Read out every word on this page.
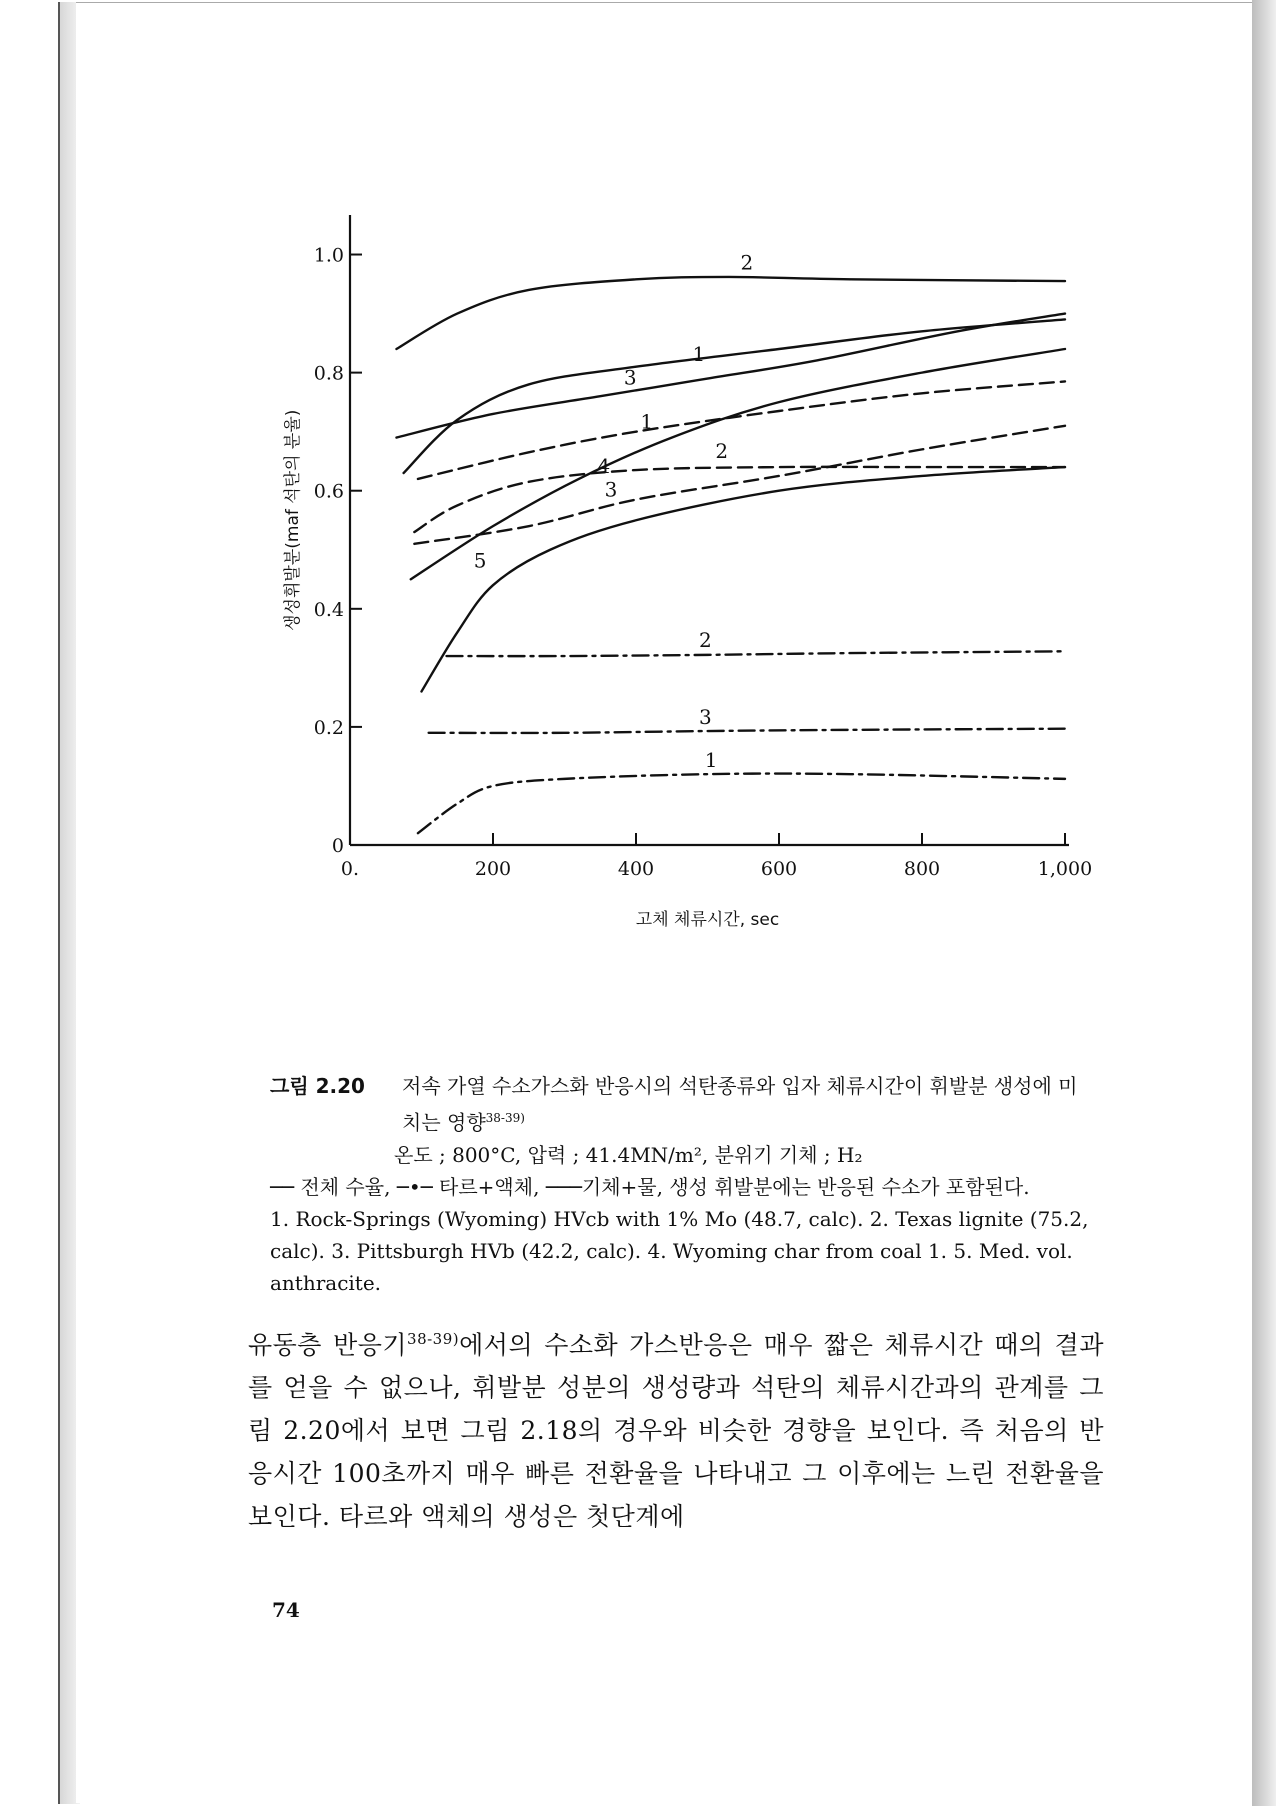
0.	200	400	600	800	1,000
0
0.2
0.4
0.6
0.8
1.0
생성휘발분(maf 석탄의 분율)
고체 체류시간, sec
2
1
3
1
4
2
3
5
2
3
1
그림 2.20 저속 가열 수소가스화 반응시의 석탄종류와 입자 체류시간이 휘발분 생성에 미치는 영향$^{38-39)}$
온도 ; 800°C, 압력 ; 41.4MN/m², 분위기 기체 ; H₂

── 전체 수율, ─•─ 타르+액체, ───기체+물, 생성 휘발분에는 반응된 수소가 포함된다.

1. Rock-Springs (Wyoming) HVcb with 1% Mo (48.7, calc). 2. Texas lignite (75.2, calc). 3. Pittsburgh HVb (42.2, calc). 4. Wyoming char from coal 1. 5. Med. vol. anthracite.

유동층 반응기$^{38-39)}$에서의 수소화 가스반응은 매우 짧은 체류시간 때의 결과를 얻을 수 없으나, 휘발분 성분의 생성량과 석탄의 체류시간과의 관계를 그림 2.20에서 보면 그림 2.18의 경우와 비슷한 경향을 보인다. 즉 처음의 반응시간 100초까지 매우 빠른 전환율을 나타내고 그 이후에는 느린 전환율을 보인다. 타르와 액체의 생성은 첫단계에

74
